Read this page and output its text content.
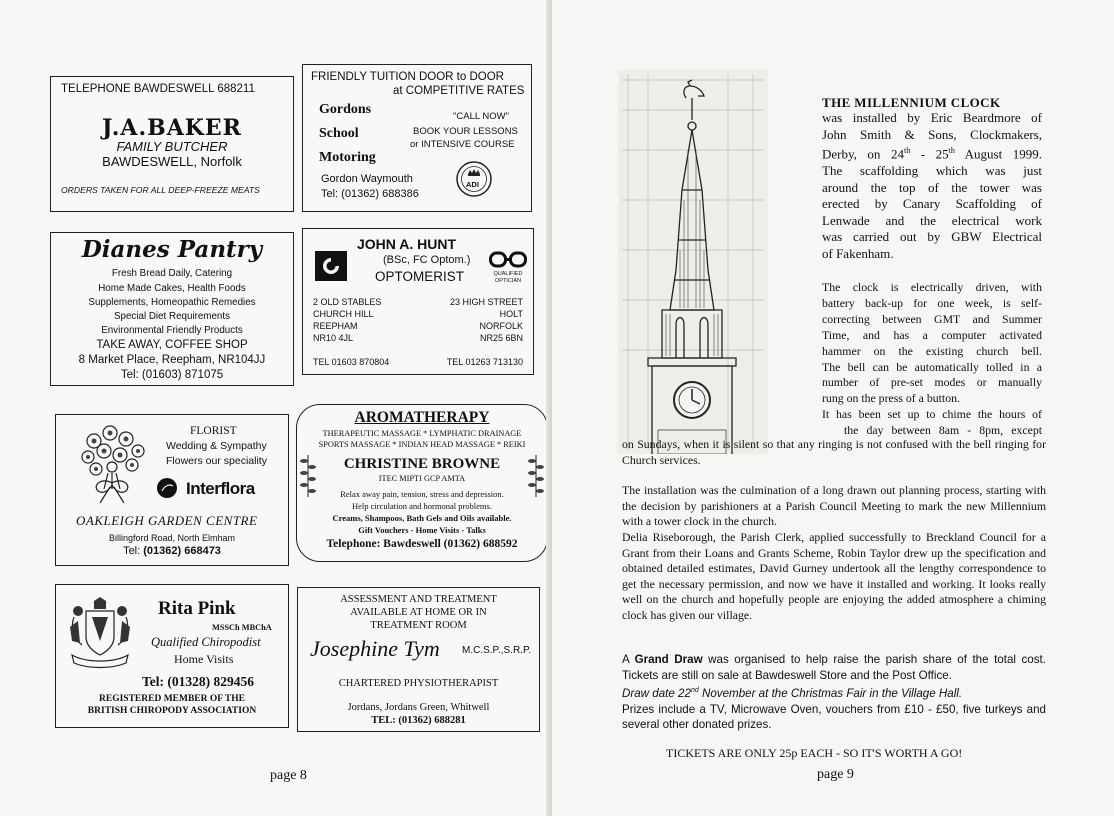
TELEPHONE BAWDESWELL 688211
J.A.BAKER
FAMILY BUTCHER
BAWDESWELL, Norfolk
ORDERS TAKEN FOR ALL DEEP-FREEZE MEATS
FRIENDLY TUITION DOOR to DOOR
at COMPETITIVE RATES
Gordons
School
Motoring
"CALL NOW"
BOOK YOUR LESSONS
or INTENSIVE COURSE
Gordon Waymouth
Tel: (01362) 688386
ADI
Dianes Pantry
Fresh Bread Daily, Catering
Home Made Cakes, Health Foods
Supplements, Homeopathic Remedies
Special Diet Requirements
Environmental Friendly Products
TAKE AWAY, COFFEE SHOP
8 Market Place, Reepham, NR104JJ
Tel: (01603) 871075
JOHN A. HUNT
(BSc, FC Optom.)
OPTOMERIST	QUALIFIED OPTICIAN
2 OLD STABLES
CHURCH HILL
REEPHAM
NR10 4JL
23 HIGH STREET
HOLT
NORFOLK
NR25 6BN
TEL 01603 870804	TEL 01263 713130
FLORIST
Wedding & Sympathy
Flowers our speciality
Interflora
OAKLEIGH GARDEN CENTRE
Billingford Road, North Elmham
Tel: (01362) 668473
AROMATHERAPY
THERAPEUTIC MASSAGE * LYMPHATIC DRAINAGE
SPORTS MASSAGE * INDIAN HEAD MASSAGE * REIKI
CHRISTINE BROWNE
ITEC MIPTI GCP AMTA
Relax away pain, tension, stress and depression.
Help circulation and hormonal problems.
Creams, Shampoos, Bath Gels and Oils available.
Gift Vouchers - Home Visits - Talks
Telephone: Bawdeswell (01362) 688592
Rita Pink
MSSCh MBChA
Qualified Chiropodist
Home Visits
Tel: (01328) 829456
REGISTERED MEMBER OF THE
BRITISH CHIROPODY ASSOCIATION
ASSESSMENT AND TREATMENT
AVAILABLE AT HOME OR IN
TREATMENT ROOM
Josephine Tym M.C.S.P.,S.R.P.
CHARTERED PHYSIOTHERAPIST
Jordans, Jordans Green, Whitwell
TEL: (01362) 688281
page 8
THE MILLENNIUM CLOCK

was installed by Eric Beardmore of

John Smith & Sons, Clockmakers,

Derby, on 24th - 25th August 1999.

The scaffolding which was just

around the top of the tower was

erected by Canary Scaffolding of

Lenwade and the electrical work

was carried out by GBW Electrical

of Fakenham.

The clock is electrically driven, with

battery back-up for one week, is self-

correcting between GMT and Summer

Time, and has a computer activated

hammer on the existing church bell.

The bell can be automatically tolled in a

number of pre-set modes or manually

rung on the press of a button.

It has been set up to chime the hours of

the day between 8am - 8pm, except

on Sundays, when it is silent so that any ringing is not confused with the bell ringing for Church services.
The installation was the culmination of a long drawn out planning process, starting with the decision by parishioners at a Parish Council Meeting to mark the new Millennium with a tower clock in the church.
Delia Riseborough, the Parish Clerk, applied successfully to Breckland Council for a Grant from their Loans and Grants Scheme, Robin Taylor drew up the specification and obtained detailed estimates, David Gurney undertook all the lengthy correspondence to get the necessary permission, and now we have it installed and working. It looks really well on the church and hopefully people are enjoying the added atmosphere a chiming clock has given our village.

A Grand Draw was organised to help raise the parish share of the total cost. Tickets are still on sale at Bawdeswell Store and the Post Office.

Draw date 22nd November at the Christmas Fair in the Village Hall.

Prizes include a TV, Microwave Oven, vouchers from £10 - £50, five turkeys and several other donated prizes.

TICKETS ARE ONLY 25p EACH - SO IT'S WORTH A GO!
page 9
